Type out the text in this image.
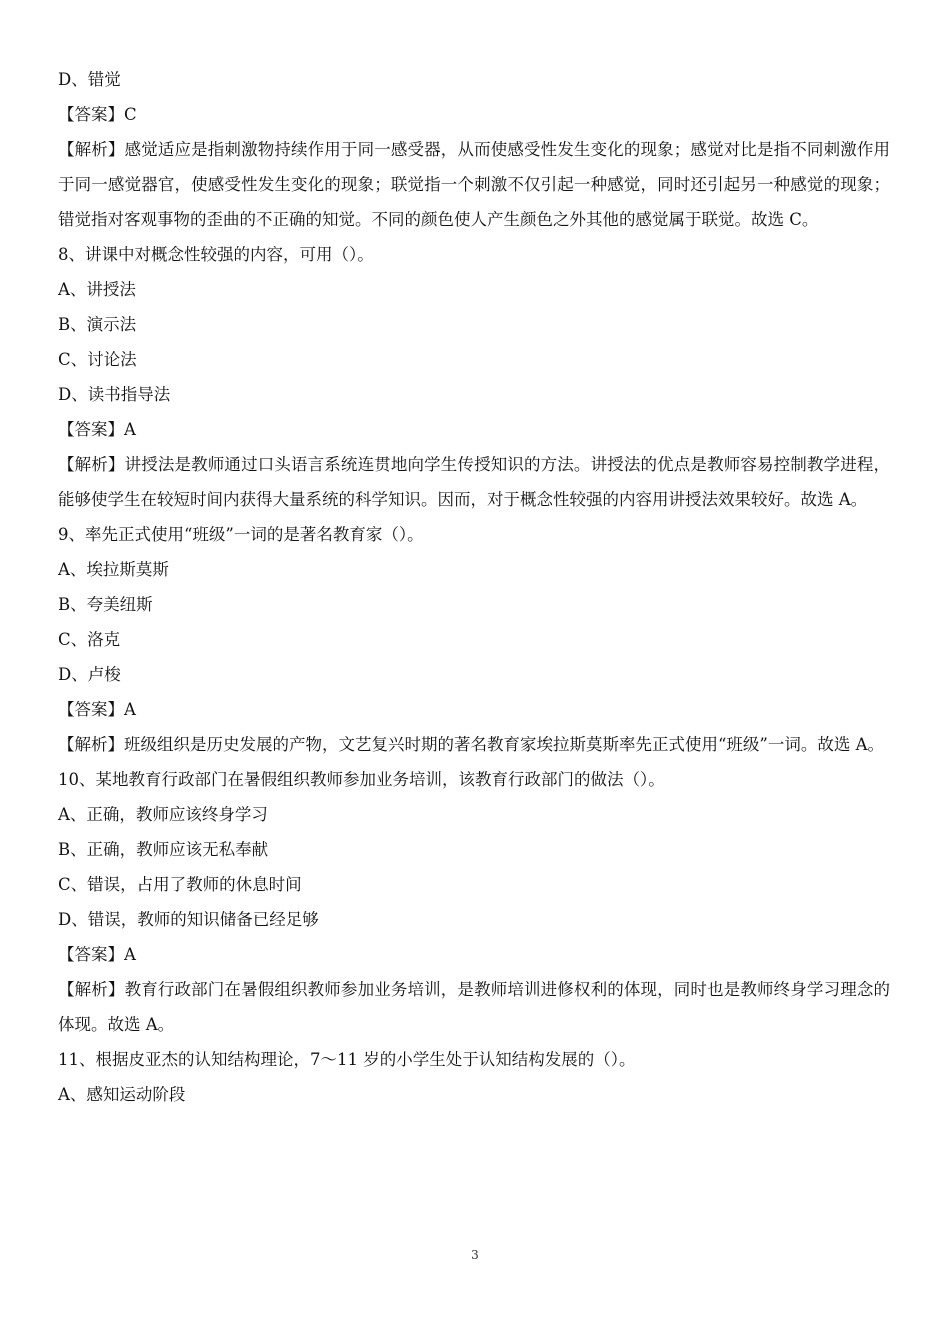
D、错觉
【答案】C
【解析】感觉适应是指刺激物持续作用于同一感受器，从而使感受性发生变化的现象；感觉对比是指不同刺激作用于同一感觉器官，使感受性发生变化的现象；联觉指一个刺激不仅引起一种感觉，同时还引起另一种感觉的现象；错觉指对客观事物的歪曲的不正确的知觉。不同的颜色使人产生颜色之外其他的感觉属于联觉。故选 C。
8、讲课中对概念性较强的内容，可用（）。
A、讲授法
B、演示法
C、讨论法
D、读书指导法
【答案】A
【解析】讲授法是教师通过口头语言系统连贯地向学生传授知识的方法。讲授法的优点是教师容易控制教学进程，能够使学生在较短时间内获得大量系统的科学知识。因而，对于概念性较强的内容用讲授法效果较好。故选 A。
9、率先正式使用“班级”一词的是著名教育家（）。
A、埃拉斯莫斯
B、夸美纽斯
C、洛克
D、卢梭
【答案】A
【解析】班级组织是历史发展的产物，文艺复兴时期的著名教育家埃拉斯莫斯率先正式使用“班级”一词。故选 A。
10、某地教育行政部门在暑假组织教师参加业务培训，该教育行政部门的做法（）。
A、正确，教师应该终身学习
B、正确，教师应该无私奉献
C、错误，占用了教师的休息时间
D、错误，教师的知识储备已经足够
【答案】A
【解析】教育行政部门在暑假组织教师参加业务培训，是教师培训进修权利的体现，同时也是教师终身学习理念的体现。故选 A。
11、根据皮亚杰的认知结构理论，7～11 岁的小学生处于认知结构发展的（）。
A、感知运动阶段
3
